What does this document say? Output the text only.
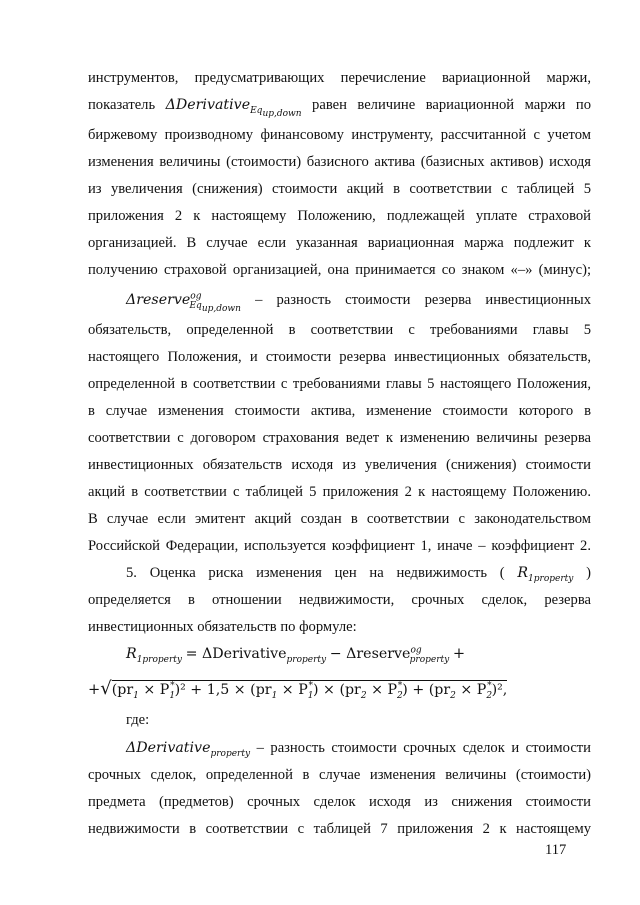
инструментов, предусматривающих перечисление вариационной маржи,
показатель ΔDerivative$_{Eq_{up,down}}$ равен величине вариационной маржи по
биржевому производному финансовому инструменту, рассчитанной с учетом
изменения величины (стоимости) базисного актива (базисных активов) исходя
из увеличения (снижения) стоимости акций в соответствии с таблицей 5
приложения 2 к настоящему Положению, подлежащей уплате страховой
организацией. В случае если указанная вариационная маржа подлежит к
получению страховой организацией, она принимается со знаком «–» (минус);
Δreserve$^{og}_{Eq_{up,down}}$ – разность стоимости резерва инвестиционных
обязательств, определенной в соответствии с требованиями главы 5
настоящего Положения, и стоимости резерва инвестиционных обязательств,
определенной в соответствии с требованиями главы 5 настоящего Положения,
в случае изменения стоимости актива, изменение стоимости которого в
соответствии с договором страхования ведет к изменению величины резерва
инвестиционных обязательств исходя из увеличения (снижения) стоимости
акций в соответствии с таблицей 5 приложения 2 к настоящему Положению.
В случае если эмитент акций создан в соответствии с законодательством
Российской Федерации, используется коэффициент 1, иначе – коэффициент 2.
5. Оценка риска изменения цен на недвижимость ( $R_{1property}$ )
определяется в отношении недвижимости, срочных сделок, резерва
инвестиционных обязательств по формуле:
$R_{1property}$ = ΔDerivative$_{property}$ − Δreserve$^{og}_{property}$ +
$+√(pr_1 \times P_1^*)^2 + 1,5 \times (pr_1 \times P_1^*) \times (pr_2 \times P_2^*) + (pr_2 \times P_2^*)^2$,
где:
ΔDerivative$_{property}$ – разность стоимости срочных сделок и стоимости
срочных сделок, определенной в случае изменения величины (стоимости)
предмета (предметов) срочных сделок исходя из снижения стоимости
недвижимости в соответствии с таблицей 7 приложения 2 к настоящему
117
